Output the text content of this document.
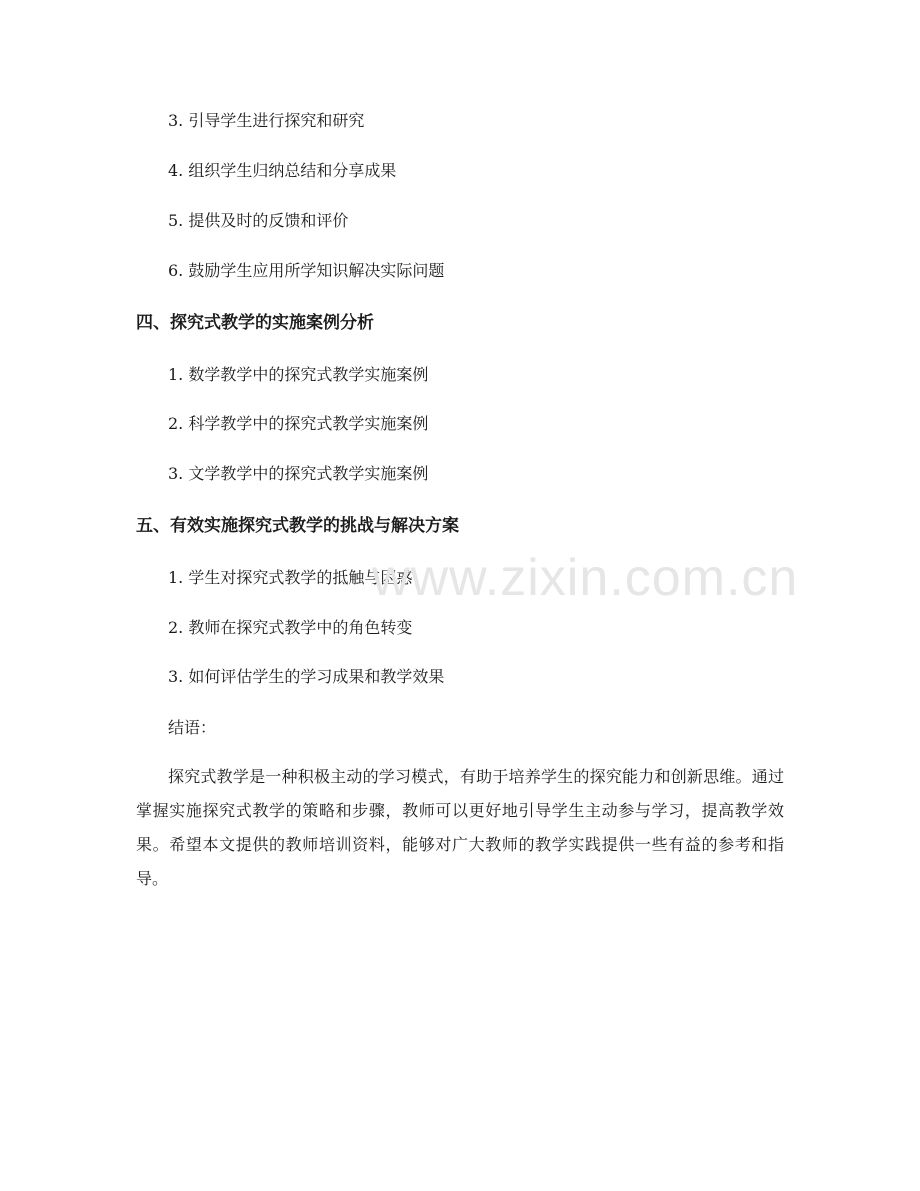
3. 引导学生进行探究和研究
4. 组织学生归纳总结和分享成果
5. 提供及时的反馈和评价
6. 鼓励学生应用所学知识解决实际问题
四、探究式教学的实施案例分析
1. 数学教学中的探究式教学实施案例
2. 科学教学中的探究式教学实施案例
3. 文学教学中的探究式教学实施案例
五、有效实施探究式教学的挑战与解决方案
1. 学生对探究式教学的抵触与困惑
2. 教师在探究式教学中的角色转变
3. 如何评估学生的学习成果和教学效果
结语：
探究式教学是一种积极主动的学习模式，有助于培养学生的探究能力和创新思维。通过掌握实施探究式教学的策略和步骤，教师可以更好地引导学生主动参与学习，提高教学效果。希望本文提供的教师培训资料，能够对广大教师的教学实践提供一些有益的参考和指导。
www.zixin.com.cn
